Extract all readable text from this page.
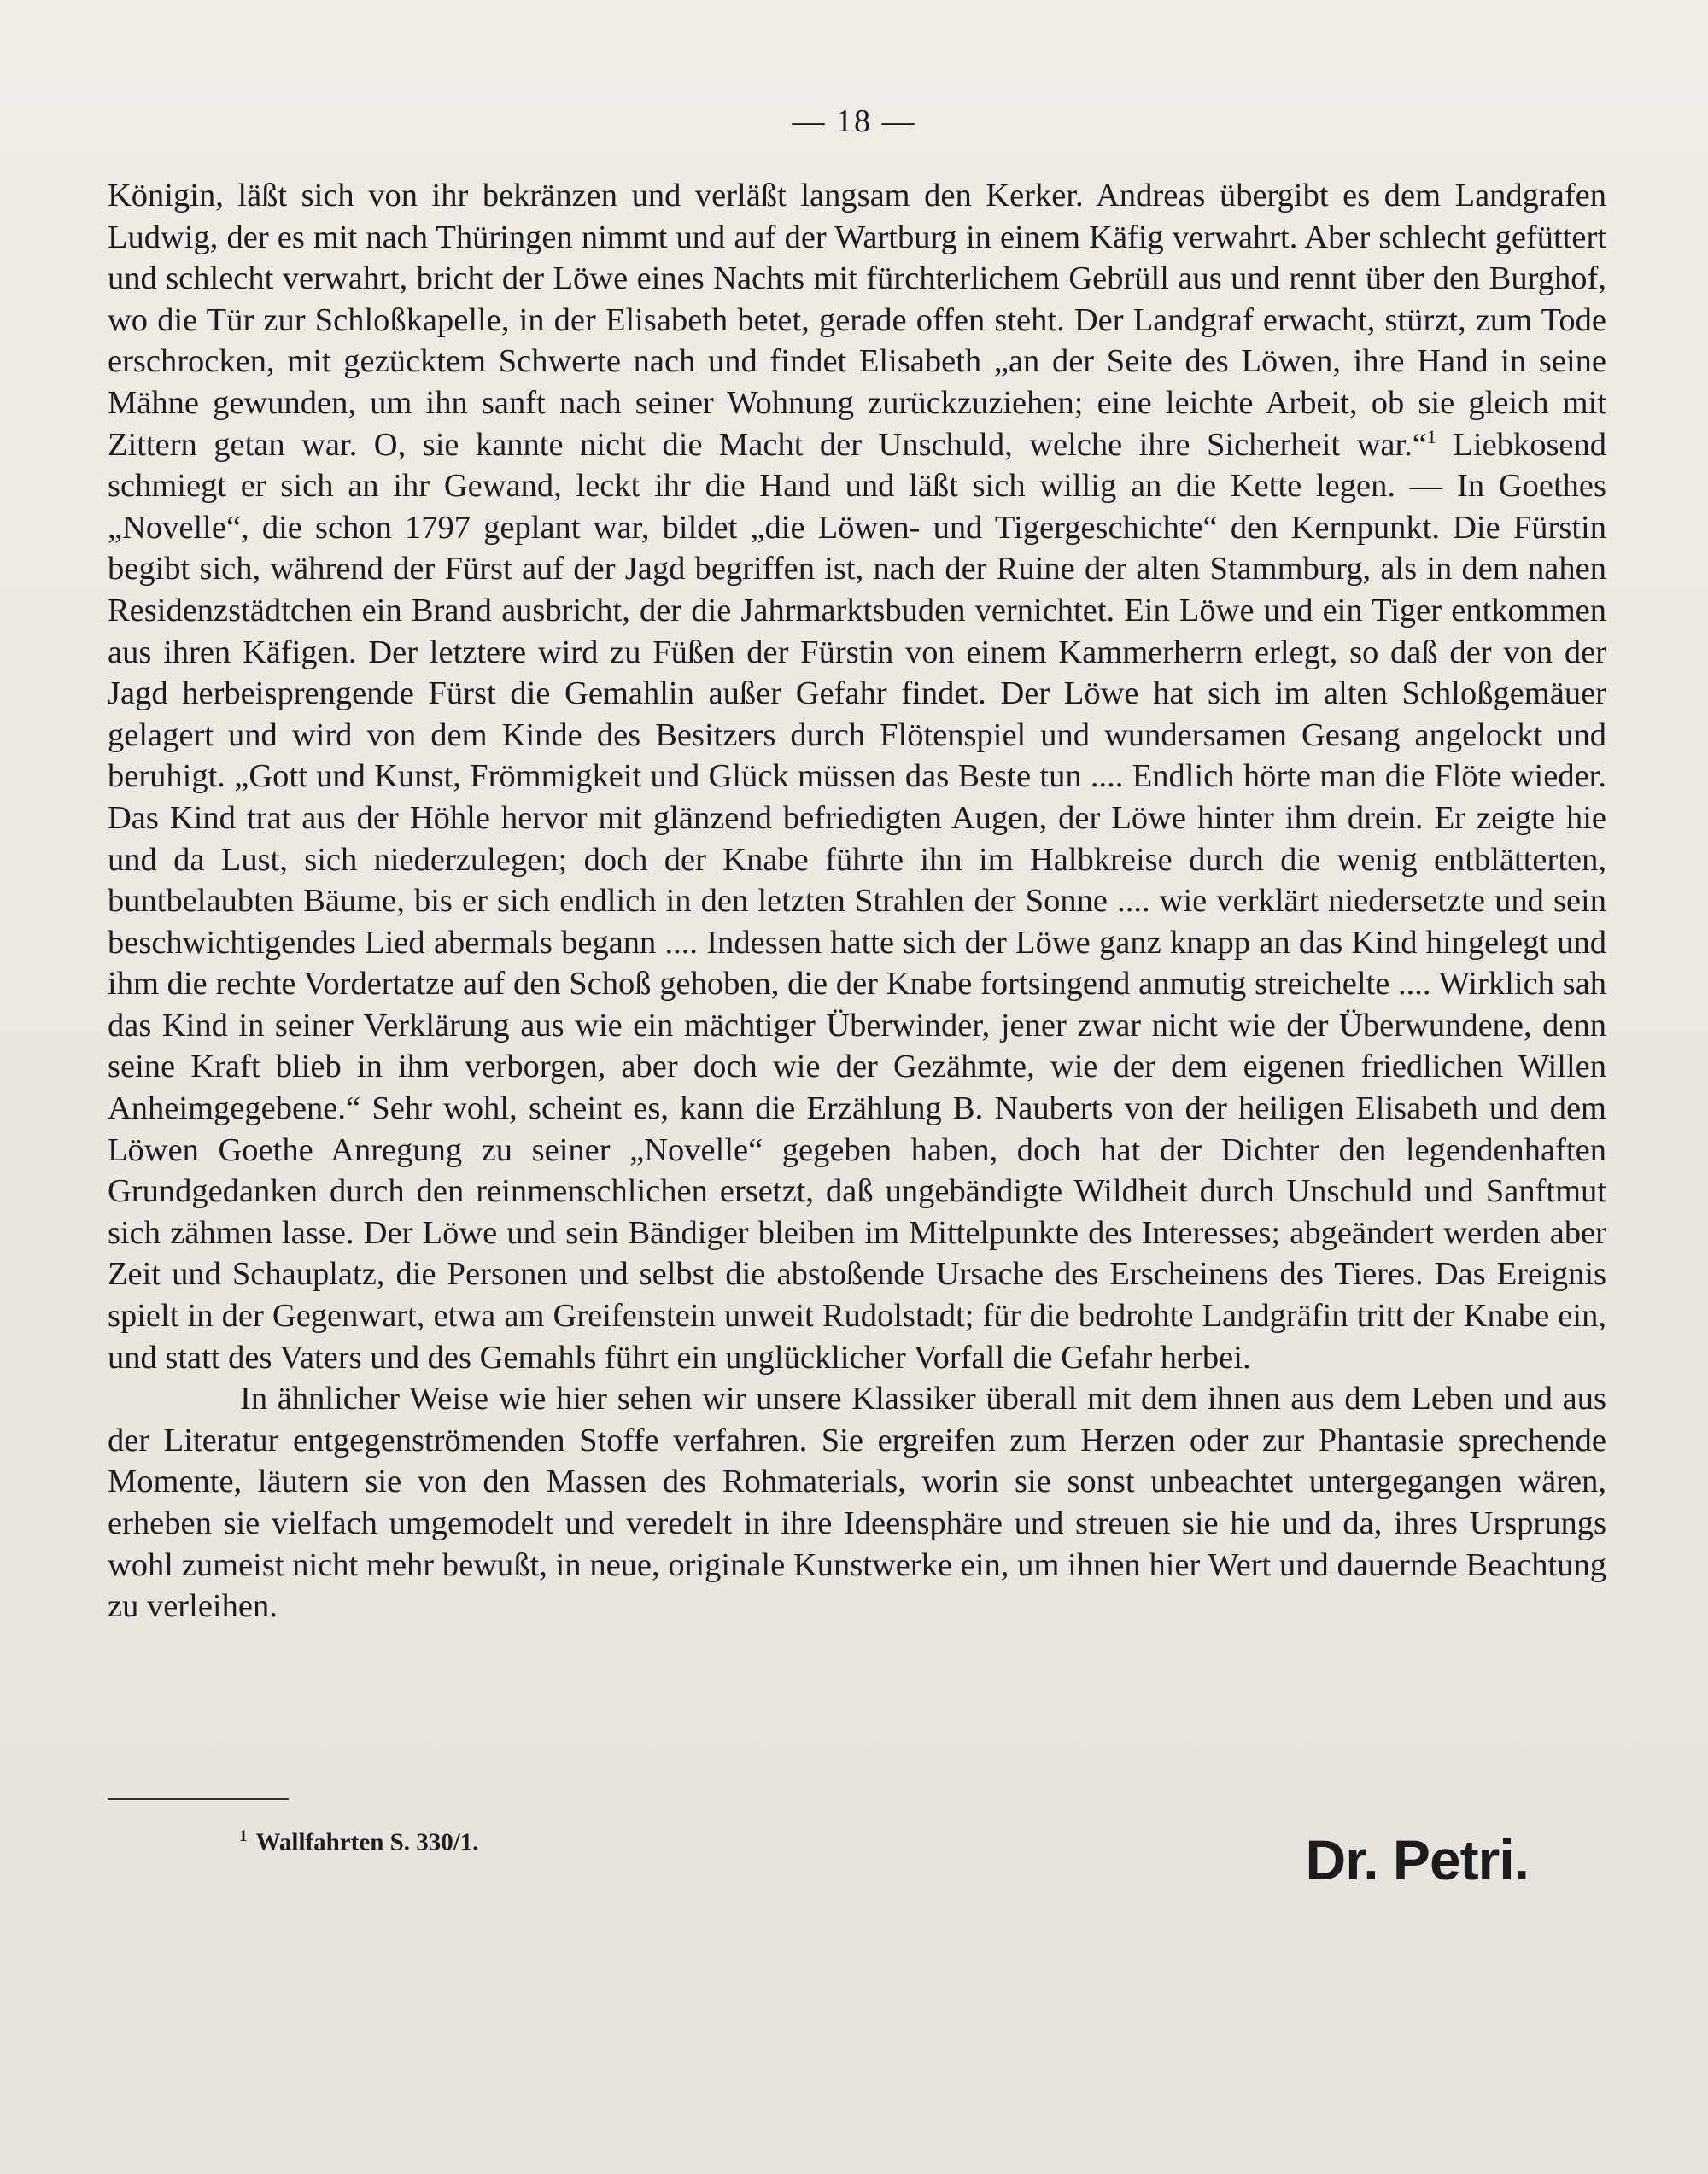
— 18 —

Königin, läßt sich von ihr bekränzen und verläßt langsam den Kerker. Andreas übergibt es dem Landgrafen Ludwig, der es mit nach Thüringen nimmt und auf der Wartburg in einem Käfig verwahrt. Aber schlecht gefüttert und schlecht verwahrt, bricht der Löwe eines Nachts mit fürchterlichem Gebrüll aus und rennt über den Burghof, wo die Tür zur Schloßkapelle, in der Elisabeth betet, gerade offen steht. Der Landgraf erwacht, stürzt, zum Tode erschrocken, mit gezücktem Schwerte nach und findet Elisabeth „an der Seite des Löwen, ihre Hand in seine Mähne gewunden, um ihn sanft nach seiner Wohnung zurückzuziehen; eine leichte Arbeit, ob sie gleich mit Zittern getan war. O, sie kannte nicht die Macht der Unschuld, welche ihre Sicherheit war.“$^1$ Liebkosend schmiegt er sich an ihr Gewand, leckt ihr die Hand und läßt sich willig an die Kette legen. — In Goethes „Novelle“, die schon 1797 geplant war, bildet „die Löwen- und Tigergeschichte“ den Kernpunkt. Die Fürstin begibt sich, während der Fürst auf der Jagd begriffen ist, nach der Ruine der alten Stammburg, als in dem nahen Residenzstädtchen ein Brand ausbricht, der die Jahrmarktsbuden vernichtet. Ein Löwe und ein Tiger entkommen aus ihren Käfigen. Der letztere wird zu Füßen der Fürstin von einem Kammerherrn erlegt, so daß der von der Jagd herbeisprengende Fürst die Gemahlin außer Gefahr findet. Der Löwe hat sich im alten Schloßgemäuer gelagert und wird von dem Kinde des Besitzers durch Flötenspiel und wundersamen Gesang angelockt und beruhigt. „Gott und Kunst, Frömmigkeit und Glück müssen das Beste tun .... Endlich hörte man die Flöte wieder. Das Kind trat aus der Höhle hervor mit glänzend befriedigten Augen, der Löwe hinter ihm drein. Er zeigte hie und da Lust, sich niederzulegen; doch der Knabe führte ihn im Halbkreise durch die wenig entblätterten, buntbelaubten Bäume, bis er sich endlich in den letzten Strahlen der Sonne .... wie verklärt niedersetzte und sein beschwichtigendes Lied abermals begann .... Indessen hatte sich der Löwe ganz knapp an das Kind hingelegt und ihm die rechte Vordertatze auf den Schoß gehoben, die der Knabe fortsingend anmutig streichelte .... Wirklich sah das Kind in seiner Verklärung aus wie ein mächtiger Überwinder, jener zwar nicht wie der Überwundene, denn seine Kraft blieb in ihm verborgen, aber doch wie der Gezähmte, wie der dem eigenen friedlichen Willen Anheimgegebene.“ Sehr wohl, scheint es, kann die Erzählung B. Nauberts von der heiligen Elisabeth und dem Löwen Goethe Anregung zu seiner „Novelle“ gegeben haben, doch hat der Dichter den legendenhaften Grundgedanken durch den reinmenschlichen ersetzt, daß ungebändigte Wildheit durch Unschuld und Sanftmut sich zähmen lasse. Der Löwe und sein Bändiger bleiben im Mittelpunkte des Interesses; abgeändert werden aber Zeit und Schauplatz, die Personen und selbst die abstoßende Ursache des Erscheinens des Tieres. Das Ereignis spielt in der Gegenwart, etwa am Greifenstein unweit Rudolstadt; für die bedrohte Landgräfin tritt der Knabe ein, und statt des Vaters und des Gemahls führt ein unglücklicher Vorfall die Gefahr herbei.

In ähnlicher Weise wie hier sehen wir unsere Klassiker überall mit dem ihnen aus dem Leben und aus der Literatur entgegenströmenden Stoffe verfahren. Sie ergreifen zum Herzen oder zur Phantasie sprechende Momente, läutern sie von den Massen des Rohmaterials, worin sie sonst unbeachtet untergegangen wären, erheben sie vielfach umgemodelt und veredelt in ihre Ideensphäre und streuen sie hie und da, ihres Ursprungs wohl zumeist nicht mehr bewußt, in neue, originale Kunstwerke ein, um ihnen hier Wert und dauernde Beachtung zu verleihen.

$^1$ Wallfahrten S. 330/1.	Dr. Petri.
